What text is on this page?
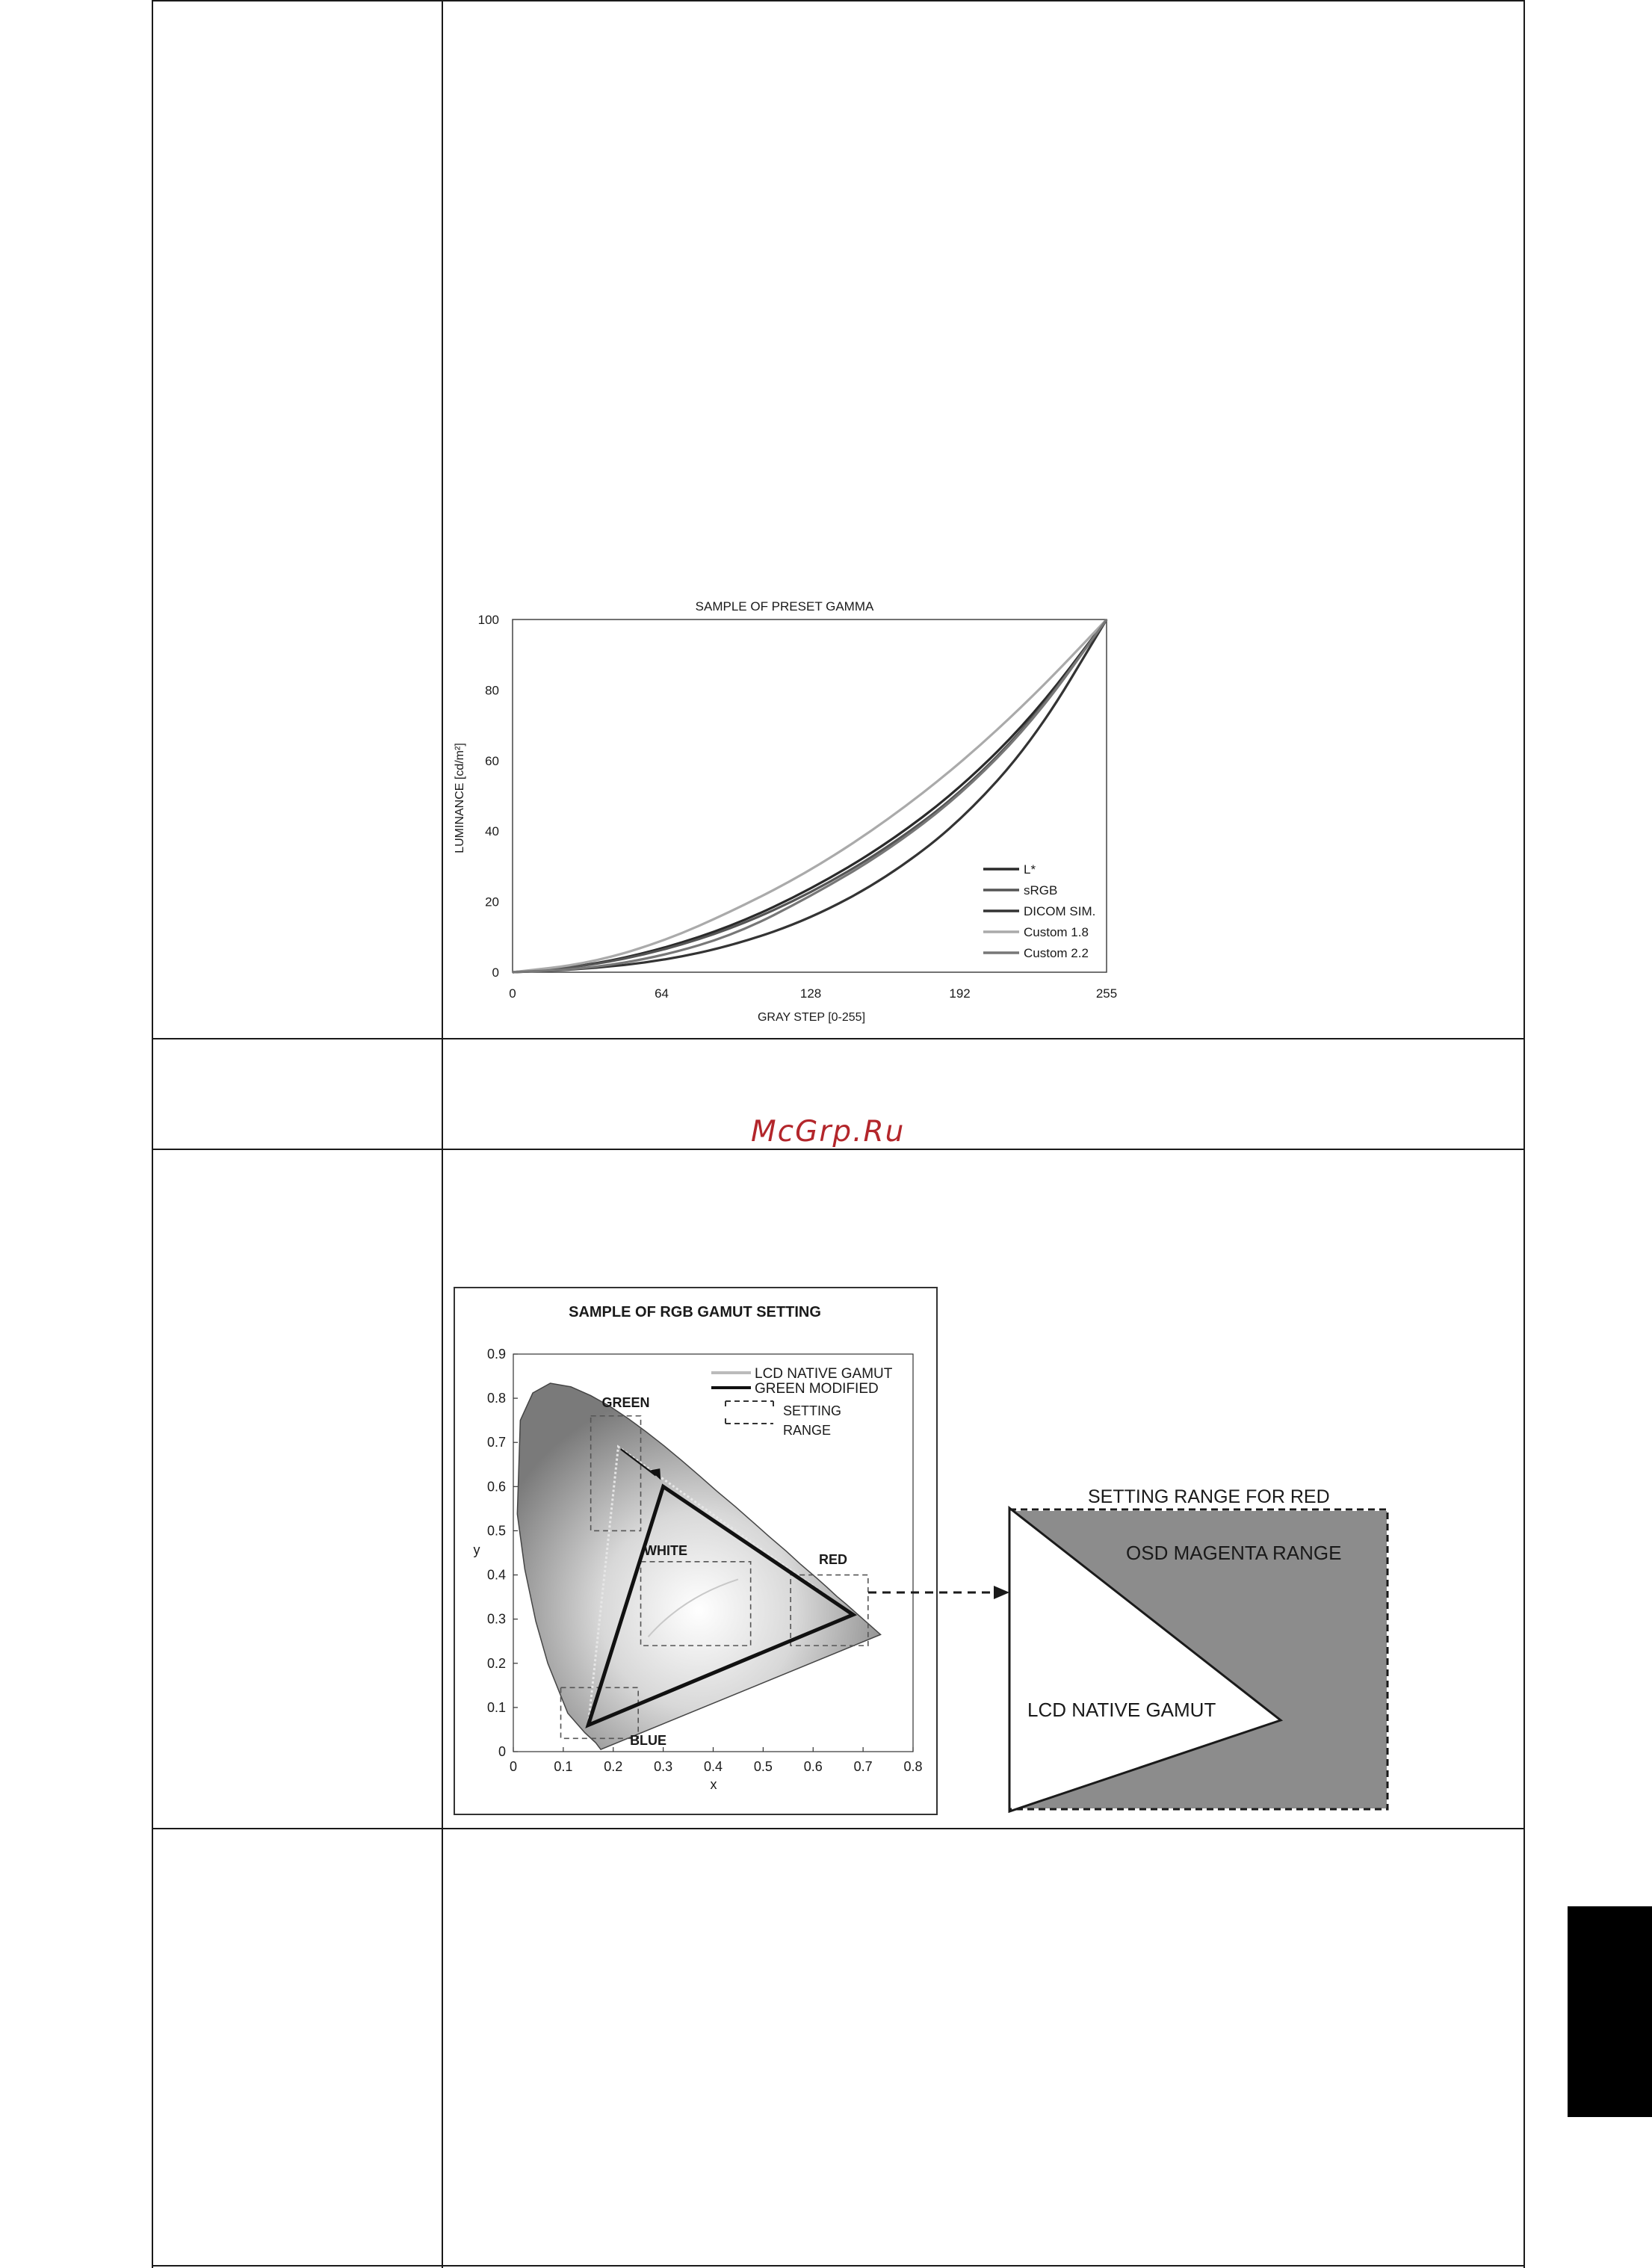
McGrp.Ru
SAMPLE OF PRESET GAMMA
0
20
40
60
80
100
0	64	128	192	255
L*
sRGB
DICOM SIM.
Custom 1.8
Custom 2.2
GRAY STEP [0-255]
LUMINANCE [cd/m²]
SAMPLE OF RGB GAMUT SETTING
0
0.1
0.2
0.3
0.4
0.5
0.6
0.7
0.8
0.9
0	0.1 0.2 0.3 0.4 0.5 0.6 0.7 0.8
GREEN
WHITE
RED
BLUE
LCD NATIVE GAMUT
GREEN MODIFIED
SETTING
RANGE
x
y
SETTING RANGE FOR RED
OSD MAGENTA RANGE
LCD NATIVE GAMUT
